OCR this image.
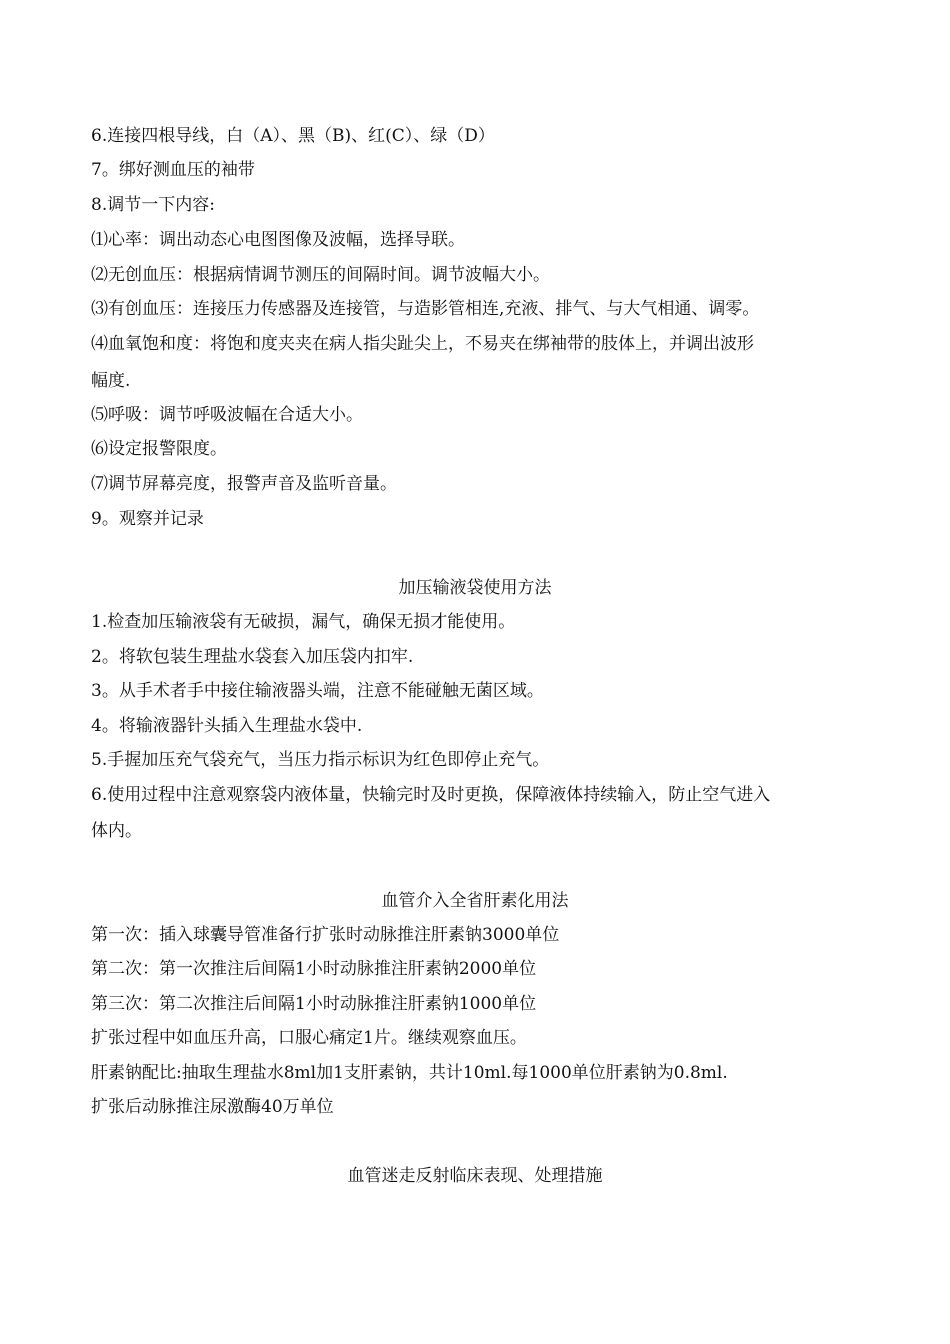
6.连接四根导线，白（A）、黑（B)、红(C）、绿（D）
7。绑好测血压的袖带
8.调节一下内容:
⑴心率：调出动态心电图图像及波幅，选择导联。
⑵无创血压：根据病情调节测压的间隔时间。调节波幅大小。
⑶有创血压：连接压力传感器及连接管，与造影管相连,充液、排气、与大气相通、调零。
⑷血氧饱和度：将饱和度夹夹在病人指尖趾尖上，不易夹在绑袖带的肢体上，并调出波形
幅度.
⑸呼吸：调节呼吸波幅在合适大小。
⑹设定报警限度。
⑺调节屏幕亮度，报警声音及监听音量。
9。观察并记录
加压输液袋使用方法
1.检查加压输液袋有无破损，漏气，确保无损才能使用。
2。将软包装生理盐水袋套入加压袋内扣牢.
3。从手术者手中接住输液器头端，注意不能碰触无菌区域。
4。将输液器针头插入生理盐水袋中.
5.手握加压充气袋充气，当压力指示标识为红色即停止充气。
6.使用过程中注意观察袋内液体量，快输完时及时更换，保障液体持续输入，防止空气进入
体内。
血管介入全省肝素化用法
第一次：插入球囊导管准备行扩张时动脉推注肝素钠3000单位
第二次：第一次推注后间隔1小时动脉推注肝素钠2000单位
第三次：第二次推注后间隔1小时动脉推注肝素钠1000单位
扩张过程中如血压升高，口服心痛定1片。继续观察血压。
肝素钠配比:抽取生理盐水8ml加1支肝素钠，共计10ml.每1000单位肝素钠为0.8ml.
扩张后动脉推注尿激酶40万单位
血管迷走反射临床表现、处理措施
